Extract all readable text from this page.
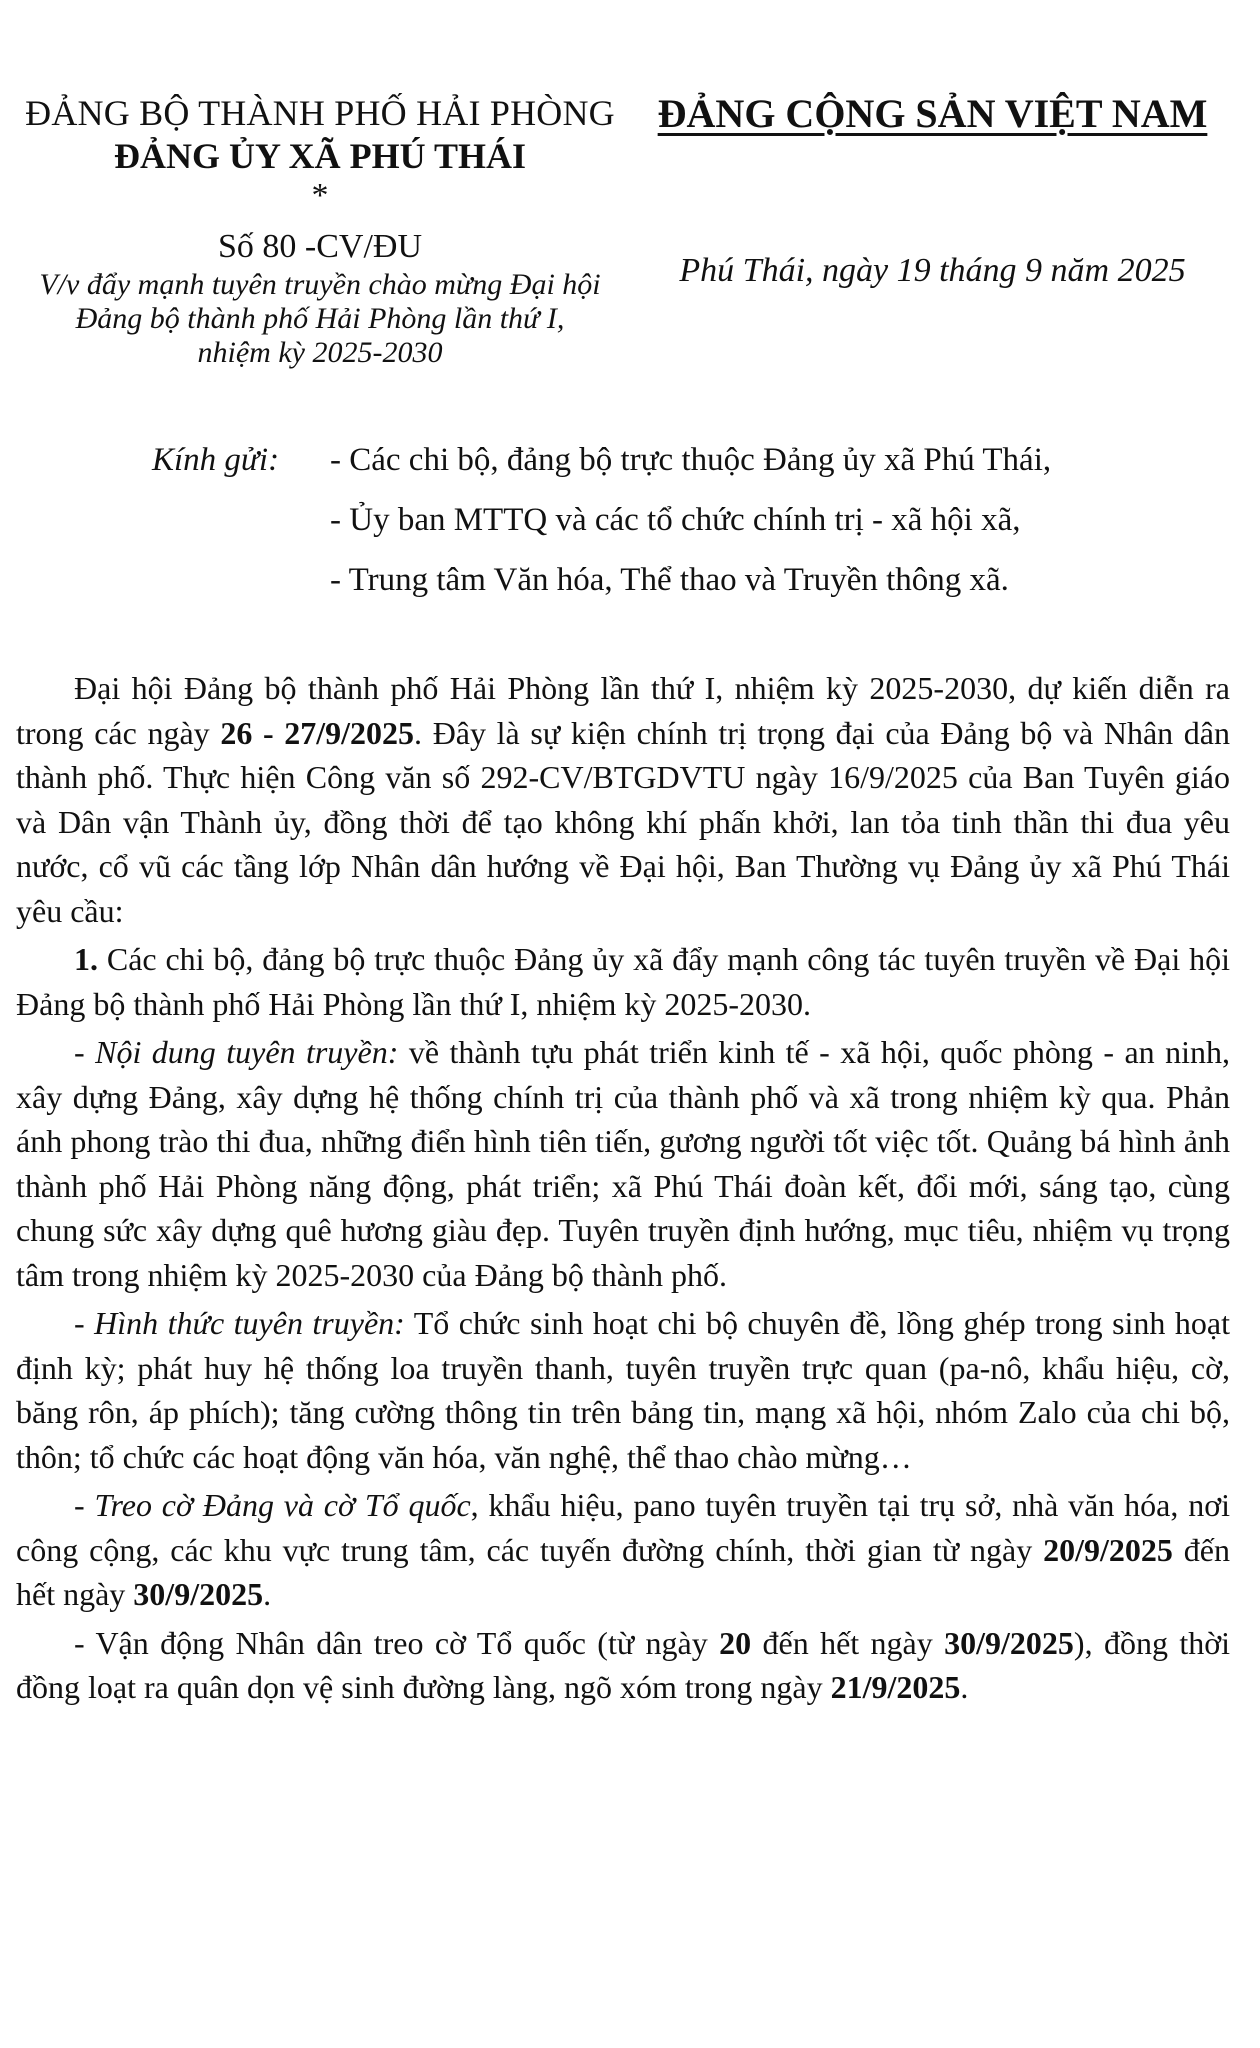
ĐẢNG BỘ THÀNH PHỐ HẢI PHÒNG
ĐẢNG ỦY XÃ PHÚ THÁI
*
Số 80 -CV/ĐU
V/v đẩy mạnh tuyên truyền chào mừng Đại hội
Đảng bộ thành phố Hải Phòng lần thứ I,
nhiệm kỳ 2025-2030
ĐẢNG CỘNG SẢN VIỆT NAM
Phú Thái, ngày 19 tháng 9 năm 2025
Kính gửi: - Các chi bộ, đảng bộ trực thuộc Đảng ủy xã Phú Thái,
- Ủy ban MTTQ và các tổ chức chính trị - xã hội xã,
- Trung tâm Văn hóa, Thể thao và Truyền thông xã.

Đại hội Đảng bộ thành phố Hải Phòng lần thứ I, nhiệm kỳ 2025-2030, dự kiến diễn ra trong các ngày 26 - 27/9/2025. Đây là sự kiện chính trị trọng đại của Đảng bộ và Nhân dân thành phố. Thực hiện Công văn số 292-CV/BTGDVTU ngày 16/9/2025 của Ban Tuyên giáo và Dân vận Thành ủy, đồng thời để tạo không khí phấn khởi, lan tỏa tinh thần thi đua yêu nước, cổ vũ các tầng lớp Nhân dân hướng về Đại hội, Ban Thường vụ Đảng ủy xã Phú Thái yêu cầu:

1. Các chi bộ, đảng bộ trực thuộc Đảng ủy xã đẩy mạnh công tác tuyên truyền về Đại hội Đảng bộ thành phố Hải Phòng lần thứ I, nhiệm kỳ 2025-2030.

- Nội dung tuyên truyền: về thành tựu phát triển kinh tế - xã hội, quốc phòng - an ninh, xây dựng Đảng, xây dựng hệ thống chính trị của thành phố và xã trong nhiệm kỳ qua. Phản ánh phong trào thi đua, những điển hình tiên tiến, gương người tốt việc tốt. Quảng bá hình ảnh thành phố Hải Phòng năng động, phát triển; xã Phú Thái đoàn kết, đổi mới, sáng tạo, cùng chung sức xây dựng quê hương giàu đẹp. Tuyên truyền định hướng, mục tiêu, nhiệm vụ trọng tâm trong nhiệm kỳ 2025-2030 của Đảng bộ thành phố.

- Hình thức tuyên truyền: Tổ chức sinh hoạt chi bộ chuyên đề, lồng ghép trong sinh hoạt định kỳ; phát huy hệ thống loa truyền thanh, tuyên truyền trực quan (pa-nô, khẩu hiệu, cờ, băng rôn, áp phích); tăng cường thông tin trên bảng tin, mạng xã hội, nhóm Zalo của chi bộ, thôn; tổ chức các hoạt động văn hóa, văn nghệ, thể thao chào mừng…

- Treo cờ Đảng và cờ Tổ quốc, khẩu hiệu, pano tuyên truyền tại trụ sở, nhà văn hóa, nơi công cộng, các khu vực trung tâm, các tuyến đường chính, thời gian từ ngày 20/9/2025 đến hết ngày 30/9/2025.

- Vận động Nhân dân treo cờ Tổ quốc (từ ngày 20 đến hết ngày 30/9/2025), đồng thời đồng loạt ra quân dọn vệ sinh đường làng, ngõ xóm trong ngày 21/9/2025.
